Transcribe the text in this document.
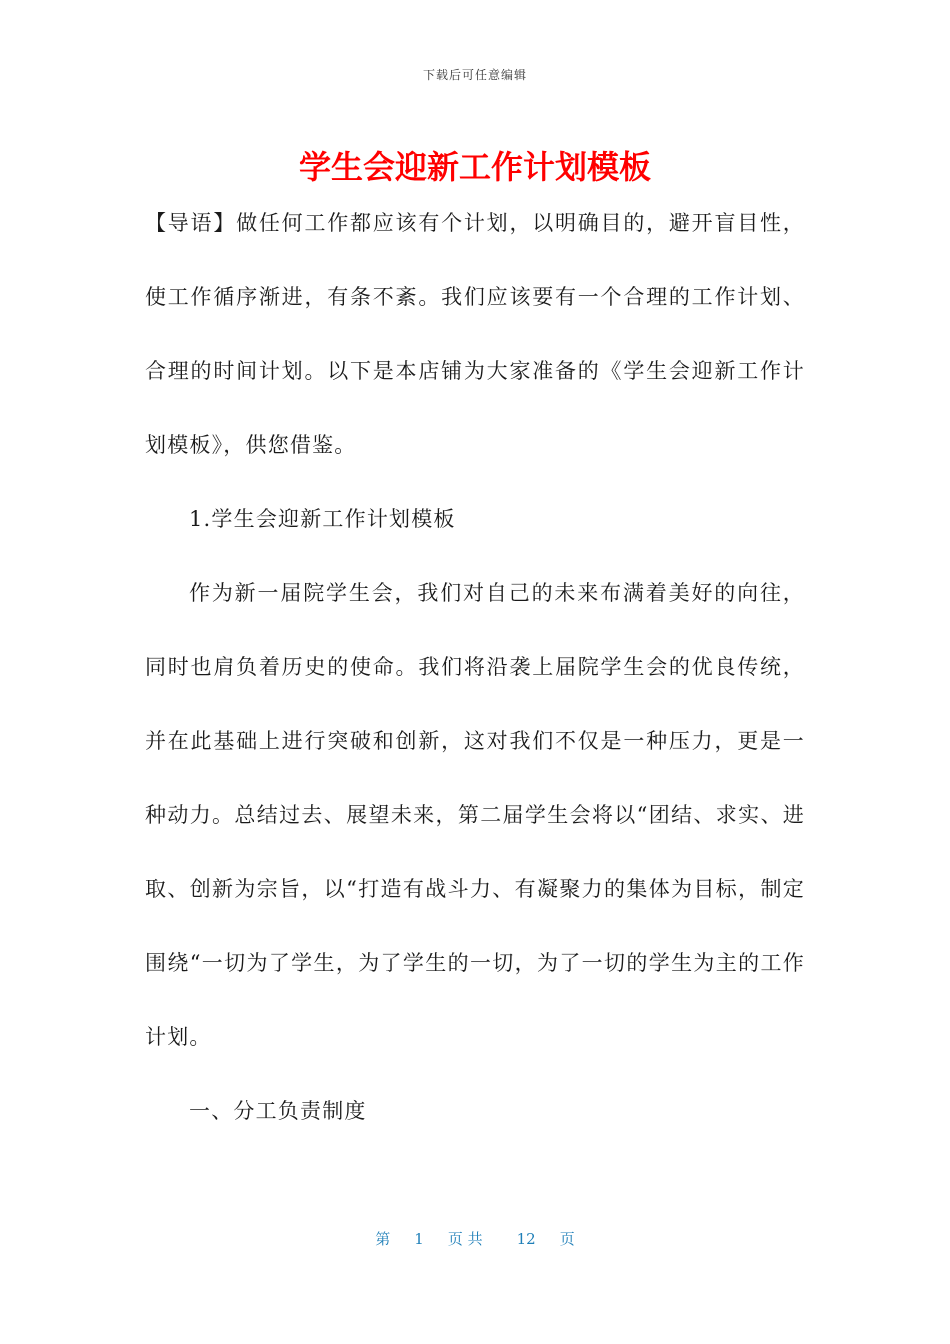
下载后可任意编辑
学生会迎新工作计划模板

【导语】做任何工作都应该有个计划，以明确目的，避开盲目性，使工作循序渐进，有条不紊。我们应该要有一个合理的工作计划、合理的时间计划。以下是本店铺为大家准备的《学生会迎新工作计划模板》，供您借鉴。

1.学生会迎新工作计划模板

作为新一届院学生会，我们对自己的未来布满着美好的向往，同时也肩负着历史的使命。我们将沿袭上届院学生会的优良传统，并在此基础上进行突破和创新，这对我们不仅是一种压力，更是一种动力。总结过去、展望未来，第二届学生会将以“团结、求实、进取、创新为宗旨，以“打造有战斗力、有凝聚力的集体为目标，制定围绕“一切为了学生，为了学生的一切，为了一切的学生为主的工作计划。

一、分工负责制度

第 1 页 共 12 页
